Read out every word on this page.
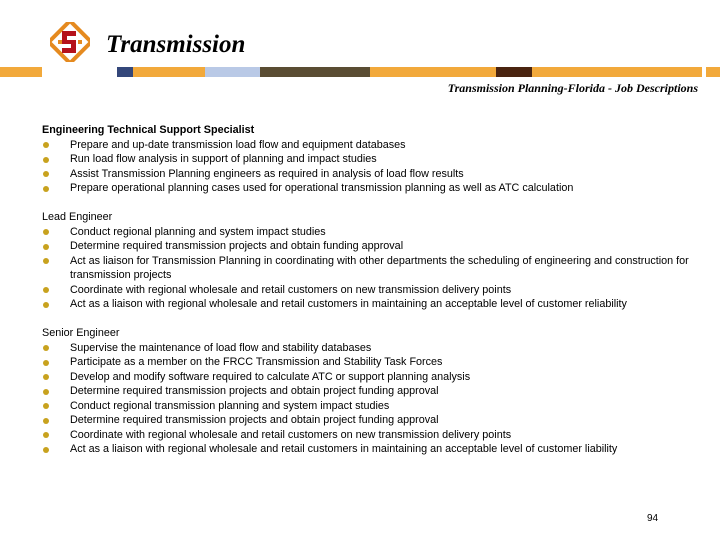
Transmission
Transmission Planning-Florida - Job Descriptions
Engineering Technical Support Specialist
Prepare and up-date transmission load flow and equipment databases
Run load flow analysis in support of planning and impact studies
Assist Transmission Planning engineers as required in analysis of load flow results
Prepare operational planning cases used for operational transmission planning as well as ATC calculation
Lead Engineer
Conduct regional planning and system impact studies
Determine required transmission projects and obtain funding approval
Act as liaison for Transmission Planning in coordinating with other departments the scheduling of engineering and construction for transmission projects
Coordinate with regional wholesale and retail customers on new transmission delivery points
Act as a liaison with regional wholesale and retail customers in maintaining an acceptable level of customer reliability
Senior Engineer
Supervise the maintenance of load flow and stability databases
Participate as a member on the FRCC Transmission and Stability Task Forces
Develop and modify software required to calculate ATC or support planning analysis
Determine required transmission projects and obtain project funding approval
Conduct regional transmission planning and system impact studies
Determine required transmission projects and obtain project funding approval
Coordinate with regional wholesale and retail customers on new transmission delivery points
Act as a liaison with regional wholesale and retail customers in maintaining an acceptable level of customer liability
94
